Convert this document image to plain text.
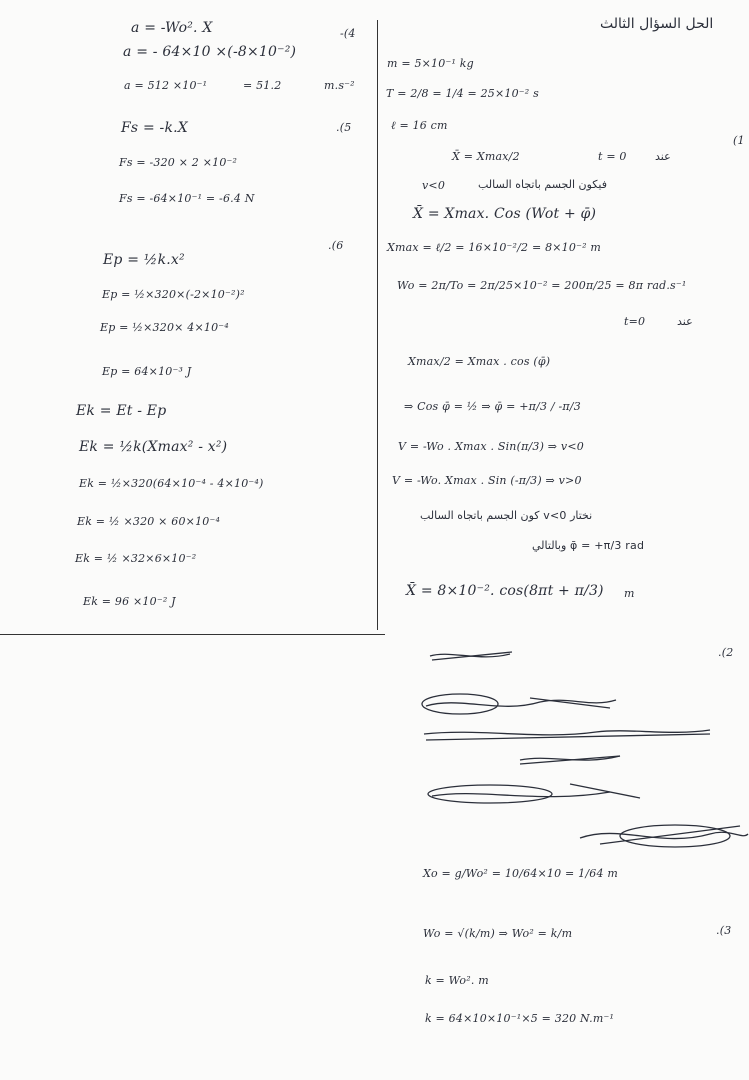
الحل السؤال الثالث
-(4
a = -Wo². X
a = - 64×10 ×(-8×10⁻²)
a = 512 ×10⁻¹	= 51.2	m.s⁻²
.(5
Fs = -k.X
Fs = -320 × 2 ×10⁻²
Fs = -64×10⁻¹ = -6.4 N
.(6
Ep = ½k.x²
Ep = ½×320×(-2×10⁻²)²
Ep = ½×320× 4×10⁻⁴
Ep = 64×10⁻³ J
Ek = Et - Ep
Ek = ½k(Xmax² - x²)
Ek = ½×320(64×10⁻⁴ - 4×10⁻⁴)
Ek = ½ ×320 × 60×10⁻⁴
Ek = ½ ×32×6×10⁻²
Ek = 96 ×10⁻² J
(1
m = 5×10⁻¹ kg
T = 2/8 = 1/4 = 25×10⁻² s
ℓ = 16 cm
X̄ = Xmax/2	t = 0	عند
v<0	فيكون الجسم باتجاه السالب
X̄ = Xmax. Cos (Wot + φ̄)
Xmax = ℓ/2 = 16×10⁻²/2 = 8×10⁻² m
Wo = 2π/To = 2π/25×10⁻² = 200π/25 = 8π rad.s⁻¹
t=0	عند
Xmax/2 = Xmax . cos (φ̄)
⇒ Cos φ̄ = ½ ⇒ φ̄ = +π/3 / -π/3
V = -Wo . Xmax . Sin(π/3) ⇒ v<0
V = -Wo. Xmax . Sin (-π/3) ⇒ v>0
نختار v<0 كون الجسم باتجاه السالب
φ̄ = +π/3 rad وبالتالي
X̄ = 8×10⁻². cos(8πt + π/3) m
.(2
Xo = g/Wo² = 10/64×10 = 1/64 m
.(3
Wo = √(k/m) ⇒ Wo² = k/m
k = Wo². m
k = 64×10×10⁻¹×5 = 320 N.m⁻¹
